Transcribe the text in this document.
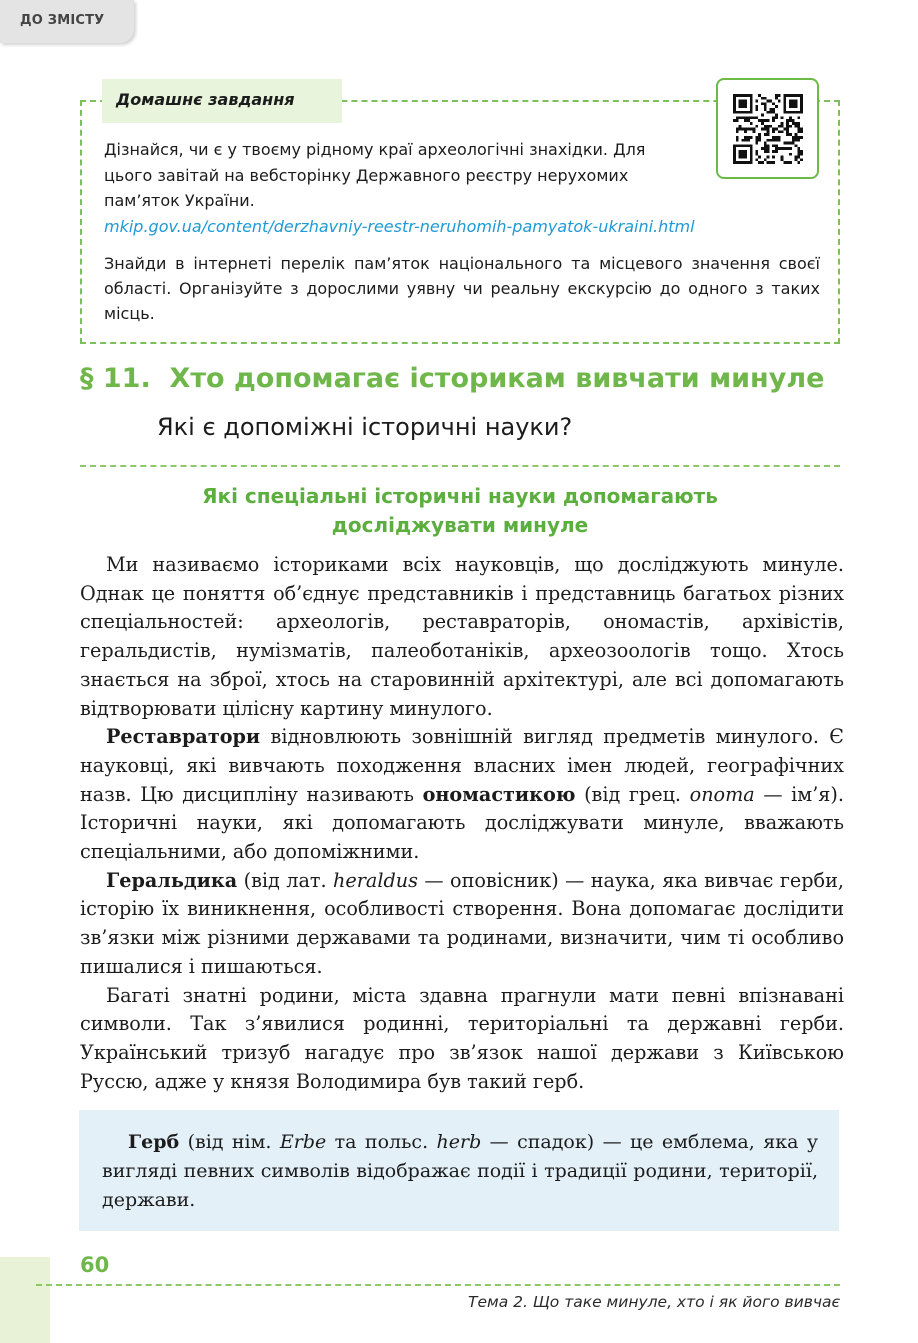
ДО ЗМІСТУ
Домашнє завдання
Дізнайся, чи є у твоєму рідному краї археологічні знахідки. Для цього завітай на вебсторінку Державного реєстру нерухомих пам’яток України.
mkip.gov.ua/content/derzhavniy-reestr-neruhomih-pamyatok-ukraini.html
Знайди в інтернеті перелік пам’яток національного та місцевого значення своєї області. Організуйте з дорослими уявну чи реальну екскурсію до одного з таких місць.
§ 11. Хто допомагає історикам вивчати минуле
Які є допоміжні історичні науки?
Які спеціальні історичні науки допомагають
досліджувати минуле

Ми називаємо істориками всіх науковців, що досліджують минуле. Однак це поняття об’єднує представників і представниць багатьох різних спеціальностей: археологів, реставраторів, ономастів, архівістів, геральдистів, нумізматів, палеоботаніків, археозоологів тощо. Хтось знається на зброї, хтось на старовинній архітектурі, але всі допомагають відтворювати цілісну картину минулого.

Реставратори відновлюють зовнішній вигляд предметів минулого. Є науковці, які вивчають походження власних імен людей, географічних назв. Цю дисципліну називають ономастикою (від грец. onoma — ім’я). Історичні науки, які допомагають досліджувати минуле, вважають спеціальними, або допоміжними.

Геральдика (від лат. heraldus — оповісник) — наука, яка вивчає герби, історію їх виникнення, особливості створення. Вона допомагає дослідити зв’язки між різними державами та родинами, визначити, чим ті особливо пишалися і пишаються.

Багаті знатні родини, міста здавна прагнули мати певні впізнавані символи. Так з’явилися родинні, територіальні та державні герби. Український тризуб нагадує про зв’язок нашої держави з Київською Руссю, адже у князя Володимира був такий герб.

Герб (від нім. Erbe та польс. herb — спадок) — це емблема, яка у вигляді певних символів відображає події і традиції родини, території, держави.
60
Тема 2. Що таке минуле, хто і як його вивчає
